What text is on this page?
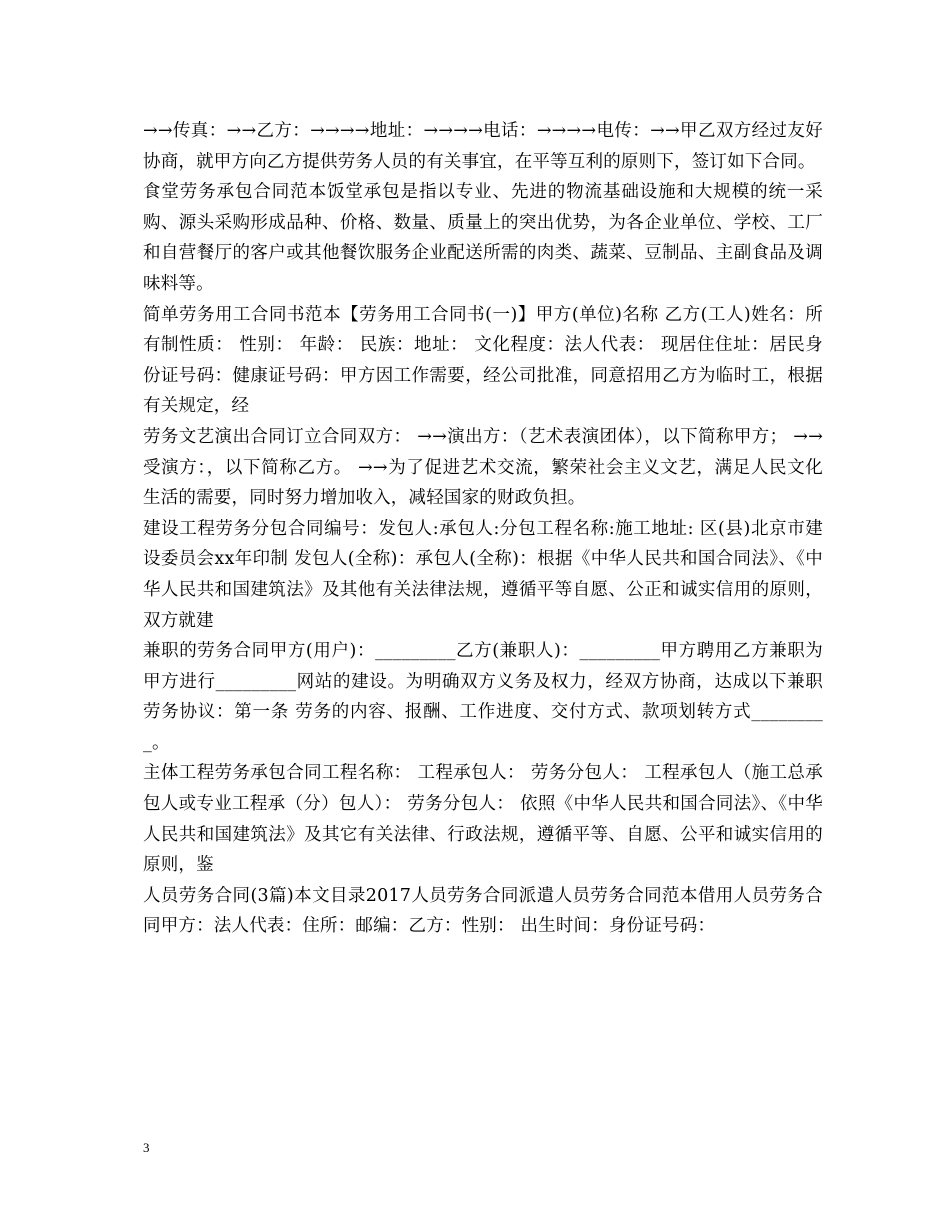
→→传真：→→乙方：→→→→地址：→→→→电话：→→→→电传：→→甲乙双方经过友好协商，就甲方向乙方提供劳务人员的有关事宜，在平等互利的原则下，签订如下合同。

食堂劳务承包合同范本饭堂承包是指以专业、先进的物流基础设施和大规模的统一采购、源头采购形成品种、价格、数量、质量上的突出优势，为各企业单位、学校、工厂和自营餐厅的客户或其他餐饮服务企业配送所需的肉类、蔬菜、豆制品、主副食品及调味料等。

简单劳务用工合同书范本【劳务用工合同书(一)】甲方(单位)名称 乙方(工人)姓名：所有制性质： 性别： 年龄： 民族：地址： 文化程度：法人代表： 现居住住址：居民身份证号码：健康证号码：甲方因工作需要，经公司批准，同意招用乙方为临时工，根据有关规定，经

劳务文艺演出合同订立合同双方： →→演出方：（艺术表演团体），以下简称甲方； →→受演方：，以下简称乙方。 →→为了促进艺术交流，繁荣社会主义文艺，满足人民文化生活的需要，同时努力增加收入，减轻国家的财政负担。

建设工程劳务分包合同编号：发包人:承包人:分包工程名称:施工地址: 区(县)北京市建设委员会xx年印制 发包人(全称)：承包人(全称)：根据《中华人民共和国合同法》、《中华人民共和国建筑法》及其他有关法律法规，遵循平等自愿、公正和诚实信用的原则，双方就建

兼职的劳务合同甲方(用户)：_________乙方(兼职人)：_________甲方聘用乙方兼职为甲方进行_________网站的建设。为明确双方义务及权力，经双方协商，达成以下兼职劳务协议：第一条 劳务的内容、报酬、工作进度、交付方式、款项划转方式_________。

主体工程劳务承包合同工程名称： 工程承包人： 劳务分包人： 工程承包人（施工总承包人或专业工程承（分）包人）： 劳务分包人： 依照《中华人民共和国合同法》、《中华人民共和国建筑法》及其它有关法律、行政法规，遵循平等、自愿、公平和诚实信用的原则，鉴

人员劳务合同(3篇)本文目录2017人员劳务合同派遣人员劳务合同范本借用人员劳务合同甲方：法人代表：住所：邮编：乙方：性别： 出生时间：身份证号码：

3
